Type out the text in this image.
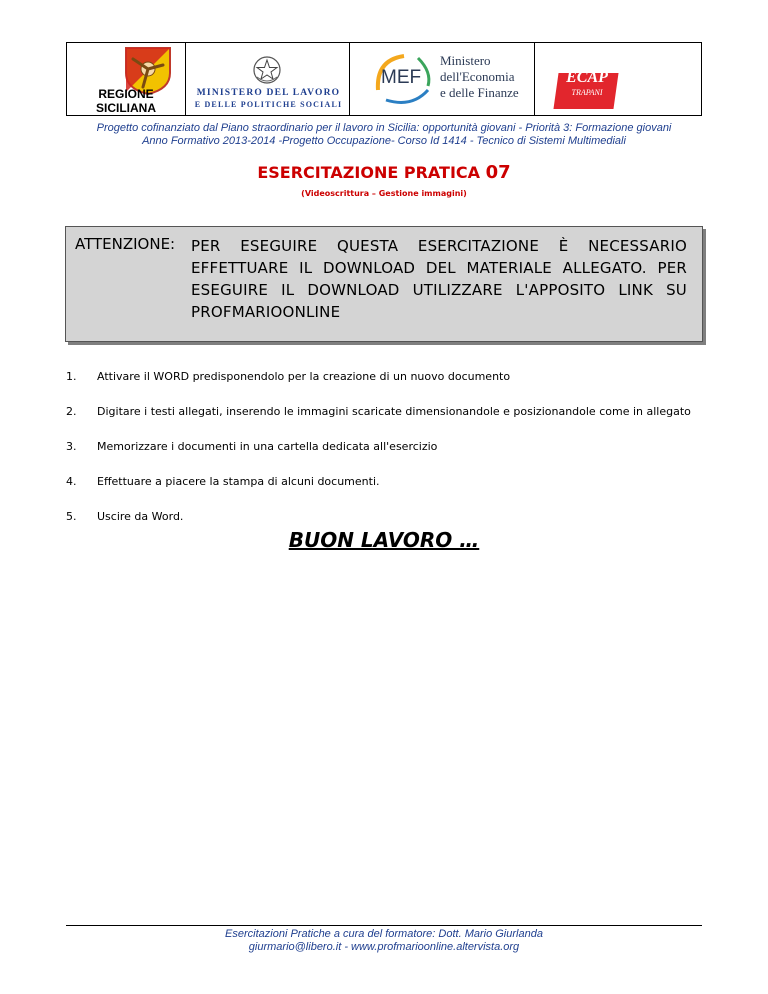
REGIONE
SICILIANA
MINISTERO DEL LAVORO
E DELLE POLITICHE SOCIALI
MEF
Ministero
dell'Economia
e delle Finanze
ECAP
TRAPANI
Progetto cofinanziato dal Piano straordinario per il lavoro in Sicilia: opportunità giovani - Priorità 3: Formazione giovani
Anno Formativo 2013-2014 -Progetto Occupazione- Corso Id 1414 - Tecnico di Sistemi Multimediali
ESERCITAZIONE PRATICA 07
(Videoscrittura – Gestione immagini)
ATTENZIONE: PER ESEGUIRE QUESTA ESERCITAZIONE È NECESSARIO EFFETTUARE IL DOWNLOAD DEL MATERIALE ALLEGATO. PER ESEGUIRE IL DOWNLOAD UTILIZZARE L'APPOSITO LINK SU PROFMARIOONLINE
1. Attivare il WORD predisponendolo per la creazione di un nuovo documento
2. Digitare i testi allegati, inserendo le immagini scaricate dimensionandole e posizionandole come in allegato
3. Memorizzare i documenti in una cartella dedicata all'esercizio
4. Effettuare a piacere la stampa di alcuni documenti.
5. Uscire da Word.
BUON LAVORO …
Esercitazioni Pratiche a cura del formatore: Dott. Mario Giurlanda
giurmario@libero.it - www.profmarioonline.altervista.org
